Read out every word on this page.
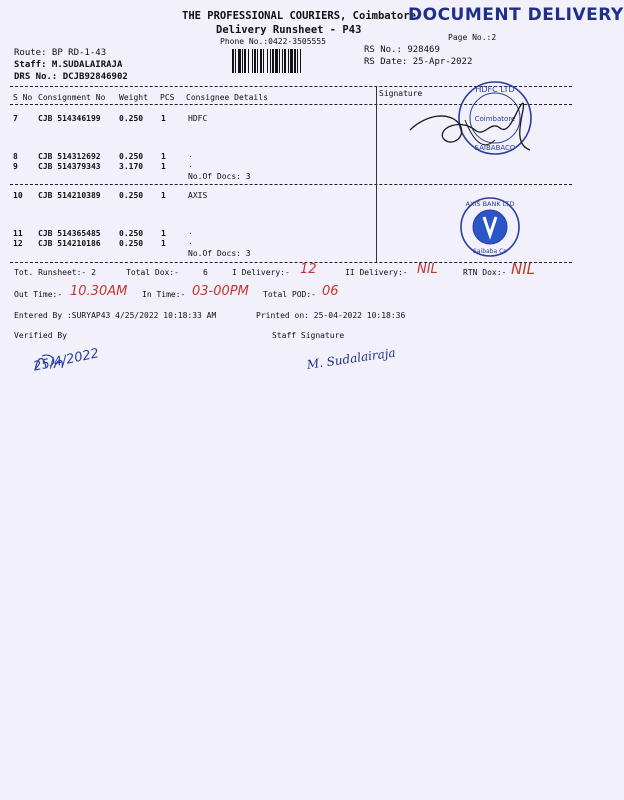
THE PROFESSIONAL COURIERS, Coimbatore
DOCUMENT DELIVERY
Delivery Runsheet - P43
Phone No.:0422-3505555	Page No.:2
Route: BP RD-1-43
Staff: M.SUDALAIRAJA
DRS No.: DCJB92846902
RS No.: 928469
RS Date: 25-Apr-2022
S No Consignment No Weight PCS Consignee Details	Signature
7	CJB 514346199 0.250 1	HDFC
8	CJB 514312692 0.250 1	.
9	CJB 514379343 3.170 1	.
No.Of Docs: 3
10 CJB 514210389 0.250 1	AXIS
11 CJB 514365485 0.250 1	.
12 CJB 514210186 0.250 1	.
No.Of Docs: 3
HDFC LTD
Coimbatore
SAIBABACO
AXIS BANK LTD
Saibaba Co
Tot. Runsheet:- 2	Total Dox:-	6	I Delivery:- 12	II Delivery:- NIL	RTN Dox:- NIL
Out Time:- 10.30AM In Time:- 03-00PM Total POD:- 06
Entered By :SURYAP43 4/25/2022 10:18:33 AM	Printed on: 25-04-2022 10:18:36
Verified By	Staff Signature
25/4/2022	M. Sudalairaja
